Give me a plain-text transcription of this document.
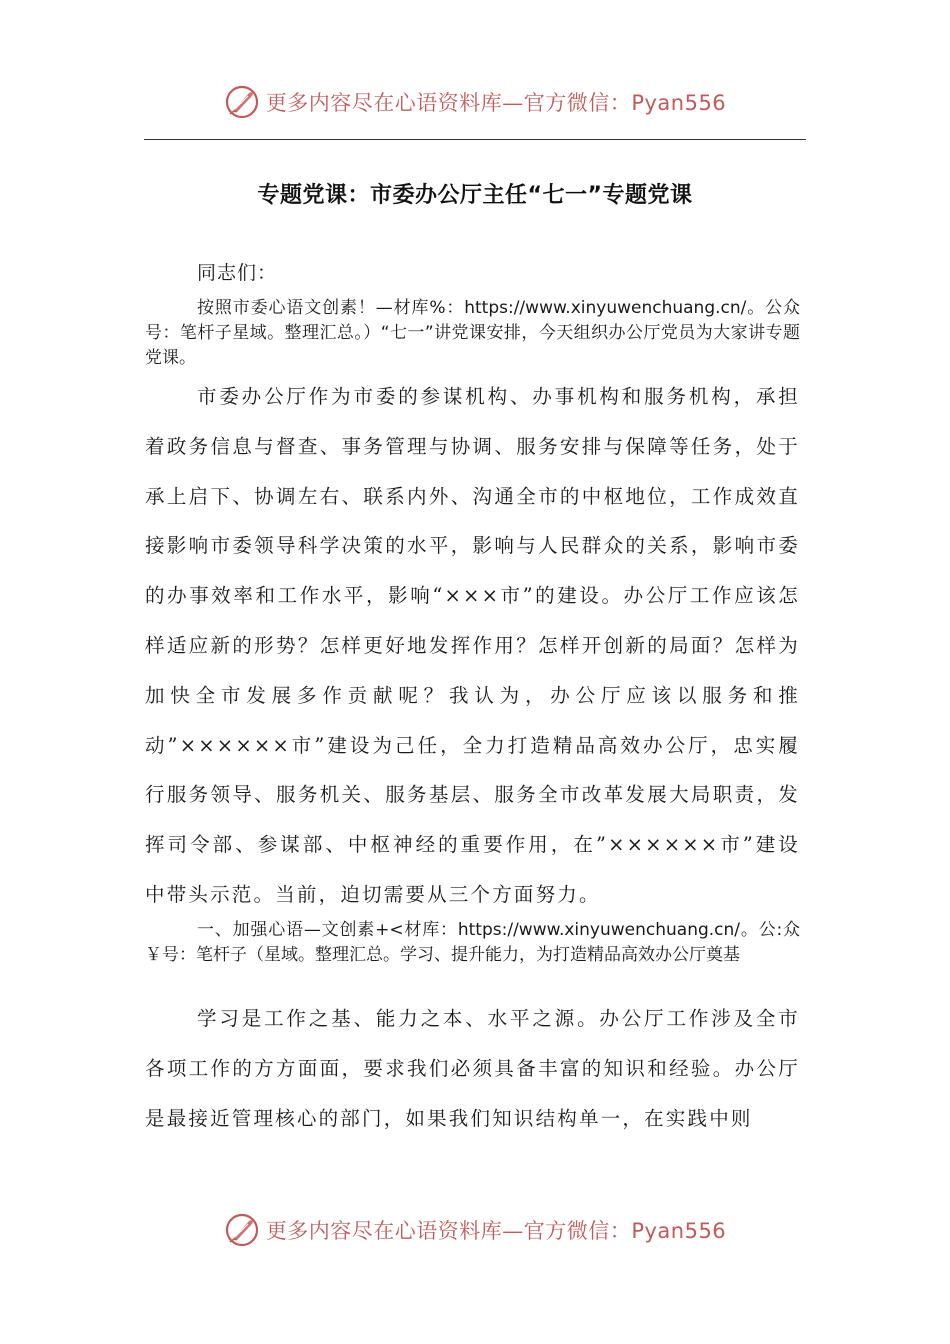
更多内容尽在心语资料库—官方微信：Pyan556
专题党课：市委办公厅主任“七一”专题党课
同志们：
按照市委心语文创素！—材库%：https://www.xinyuwenchuang.cn/。公众号：笔杆子星域。整理汇总。）“七一”讲党课安排，今天组织办公厅党员为大家讲专题党课。

市委办公厅作为市委的参谋机构、办事机构和服务机构，承担着政务信息与督查、事务管理与协调、服务安排与保障等任务，处于承上启下、协调左右、联系内外、沟通全市的中枢地位，工作成效直接影响市委领导科学决策的水平，影响与人民群众的关系，影响市委的办事效率和工作水平，影响“×××市”的建设。办公厅工作应该怎样适应新的形势？怎样更好地发挥作用？怎样开创新的局面？怎样为加快全市发展多作贡献呢？我认为，办公厅应该以服务和推动”××××××市”建设为己任，全力打造精品高效办公厅，忠实履行服务领导、服务机关、服务基层、服务全市改革发展大局职责，发挥司令部、参谋部、中枢神经的重要作用，在”××××××市”建设中带头示范。当前，迫切需要从三个方面努力。

一、加强心语—文创素+<材库：https://www.xinyuwenchuang.cn/。公:众￥号：笔杆子（星域。整理汇总。学习、提升能力，为打造精品高效办公厅奠基

学习是工作之基、能力之本、水平之源。办公厅工作涉及全市各项工作的方方面面，要求我们必须具备丰富的知识和经验。办公厅是最接近管理核心的部门，如果我们知识结构单一，在实践中则

更多内容尽在心语资料库—官方微信：Pyan556
